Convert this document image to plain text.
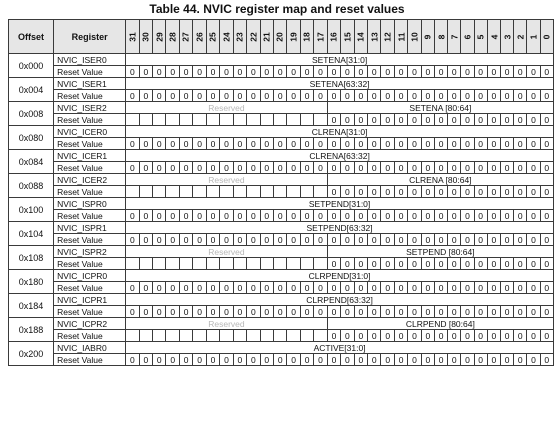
Table 44. NVIC register map and reset values
Offset	Register	31	30	29	28	27	26	25	24	23	22	21	20	19	18	17	16	15	14	13	12	11	10	9	8	7	6	5	4	3	2	1	0
0x000	NVIC_ISER0	SETENA[31:0]																															
	Reset Value	0	0	0	0	0	0	0	0	0	0	0	0	0	0	0	0	0	0	0	0	0	0	0	0	0	0	0	0	0	0	0	0
0x004	NVIC_ISER1	SETENA[63:32]																															
	Reset Value	0	0	0	0	0	0	0	0	0	0	0	0	0	0	0	0	0	0	0	0	0	0	0	0	0	0	0	0	0	0	0	0
0x008	NVIC_ISER2	Reserved															SETENA [80:64]																
	Reset Value																0	0	0	0	0	0	0	0	0	0	0	0	0	0	0	0	0
0x080	NVIC_ICER0	CLRENA[31:0]																															
	Reset Value	0	0	0	0	0	0	0	0	0	0	0	0	0	0	0	0	0	0	0	0	0	0	0	0	0	0	0	0	0	0	0	0
0x084	NVIC_ICER1	CLRENA[63:32]																															
	Reset Value	0	0	0	0	0	0	0	0	0	0	0	0	0	0	0	0	0	0	0	0	0	0	0	0	0	0	0	0	0	0	0	0
0x088	NVIC_ICER2	Reserved															CLRENA [80:64]																
	Reset Value																0	0	0	0	0	0	0	0	0	0	0	0	0	0	0	0	0
0x100	NVIC_ISPR0	SETPEND[31:0]																															
	Reset Value	0	0	0	0	0	0	0	0	0	0	0	0	0	0	0	0	0	0	0	0	0	0	0	0	0	0	0	0	0	0	0	0
0x104	NVIC_ISPR1	SETPEND[63:32]																															
	Reset Value	0	0	0	0	0	0	0	0	0	0	0	0	0	0	0	0	0	0	0	0	0	0	0	0	0	0	0	0	0	0	0	0
0x108	NVIC_ISPR2	Reserved															SETPEND [80:64]																
	Reset Value																0	0	0	0	0	0	0	0	0	0	0	0	0	0	0	0	0
0x180	NVIC_ICPR0	CLRPEND[31:0]																															
	Reset Value	0	0	0	0	0	0	0	0	0	0	0	0	0	0	0	0	0	0	0	0	0	0	0	0	0	0	0	0	0	0	0	0
0x184	NVIC_ICPR1	CLRPEND[63:32]																															
	Reset Value	0	0	0	0	0	0	0	0	0	0	0	0	0	0	0	0	0	0	0	0	0	0	0	0	0	0	0	0	0	0	0	0
0x188	NVIC_ICPR2	Reserved															CLRPEND [80:64]																
	Reset Value																0	0	0	0	0	0	0	0	0	0	0	0	0	0	0	0	0
0x200	NVIC_IABR0	ACTIVE[31:0]																															
	Reset Value	0	0	0	0	0	0	0	0	0	0	0	0	0	0	0	0	0	0	0	0	0	0	0	0	0	0	0	0	0	0	0	0
